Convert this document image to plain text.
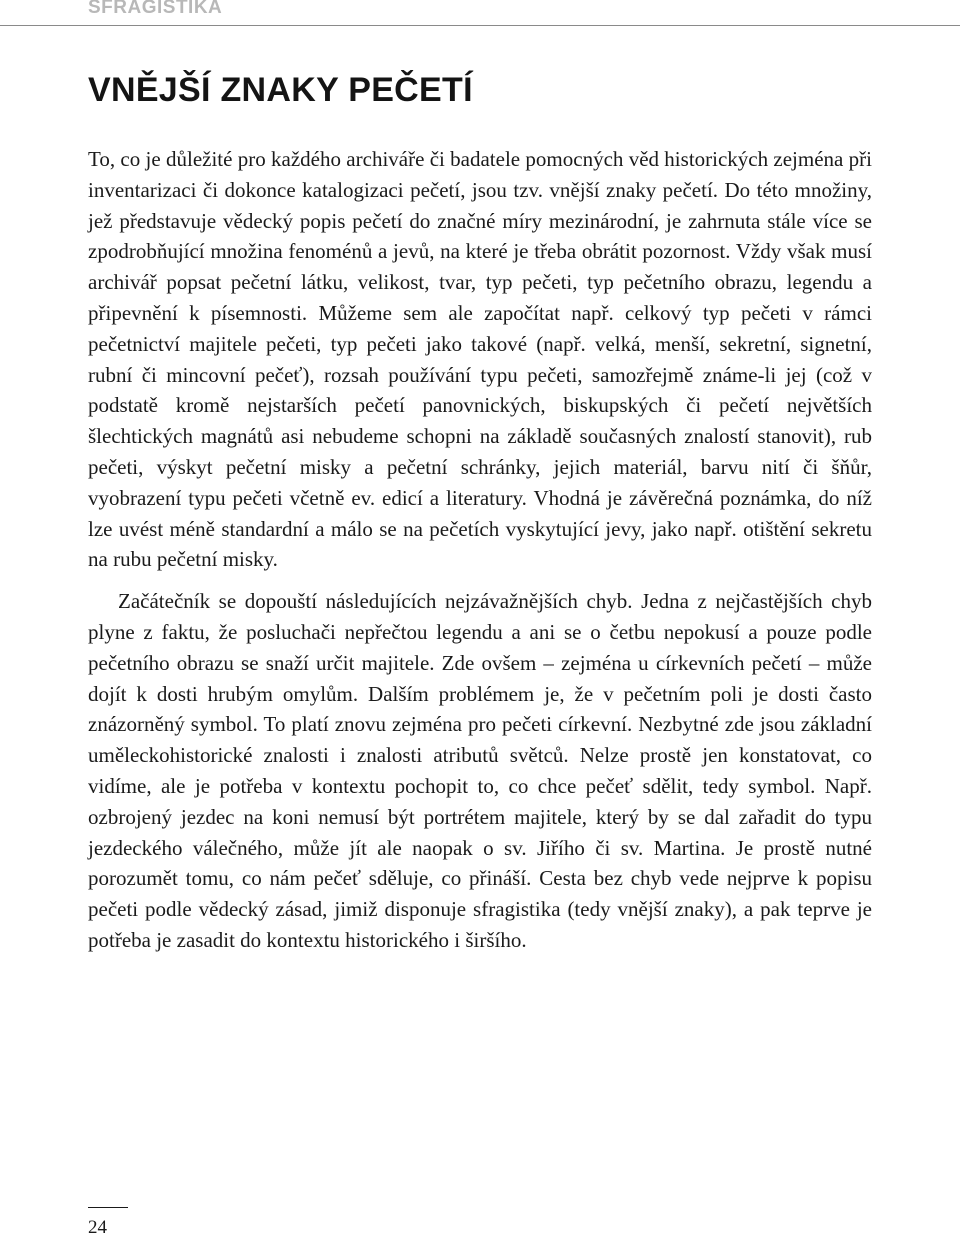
SFRAGISTIKA
VNĚJŠÍ ZNAKY PEČETÍ

To, co je důležité pro každého archiváře či badatele pomocných věd historických zejména při inventarizaci či dokonce katalogizaci pečetí, jsou tzv. vnější znaky pečetí. Do této množiny, jež představuje vědecký popis pečetí do značné míry mezinárodní, je zahrnuta stále více se zpodrobňující množina fenoménů a jevů, na které je třeba obrátit pozornost. Vždy však musí archivář popsat pečetní látku, velikost, tvar, typ pečeti, typ pečetního obrazu, legendu a připevnění k písemnosti. Můžeme sem ale započítat např. celkový typ pečeti v rámci pečetnictví majitele pečeti, typ pečeti jako takové (např. velká, menší, sekretní, signetní, rubní či mincovní pečeť), rozsah používání typu pečeti, samozřejmě známe-li jej (což v podstatě kromě nejstarších pečetí panovnických, biskupských či pečetí největších šlechtických magnátů asi nebudeme schopni na základě současných znalostí stanovit), rub pečeti, výskyt pečetní misky a pečetní schránky, jejich materiál, barvu nití či šňůr, vyobrazení typu pečeti včetně ev. edicí a literatury. Vhodná je závěrečná poznámka, do níž lze uvést méně standardní a málo se na pečetích vyskytující jevy, jako např. otištění sekretu na rubu pečetní misky.

Začátečník se dopouští následujících nejzávažnějších chyb. Jedna z nejčastějších chyb plyne z faktu, že posluchači nepřečtou legendu a ani se o četbu nepokusí a pouze podle pečetního obrazu se snaží určit majitele. Zde ovšem – zejména u církevních pečetí – může dojít k dosti hrubým omylům. Dalším problémem je, že v pečetním poli je dosti často znázorněný symbol. To platí znovu zejména pro pečeti církevní. Nezbytné zde jsou základní uměleckohistorické znalosti i znalosti atributů světců. Nelze prostě jen konstatovat, co vidíme, ale je potřeba v kontextu pochopit to, co chce pečeť sdělit, tedy symbol. Např. ozbrojený jezdec na koni nemusí být portrétem majitele, který by se dal zařadit do typu jezdeckého válečného, může jít ale naopak o sv. Jiřího či sv. Martina. Je prostě nutné porozumět tomu, co nám pečeť sděluje, co přináší. Cesta bez chyb vede nejprve k popisu pečeti podle vědecký zásad, jimiž disponuje sfragistika (tedy vnější znaky), a pak teprve je potřeba je zasadit do kontextu historického i širšího.

24
